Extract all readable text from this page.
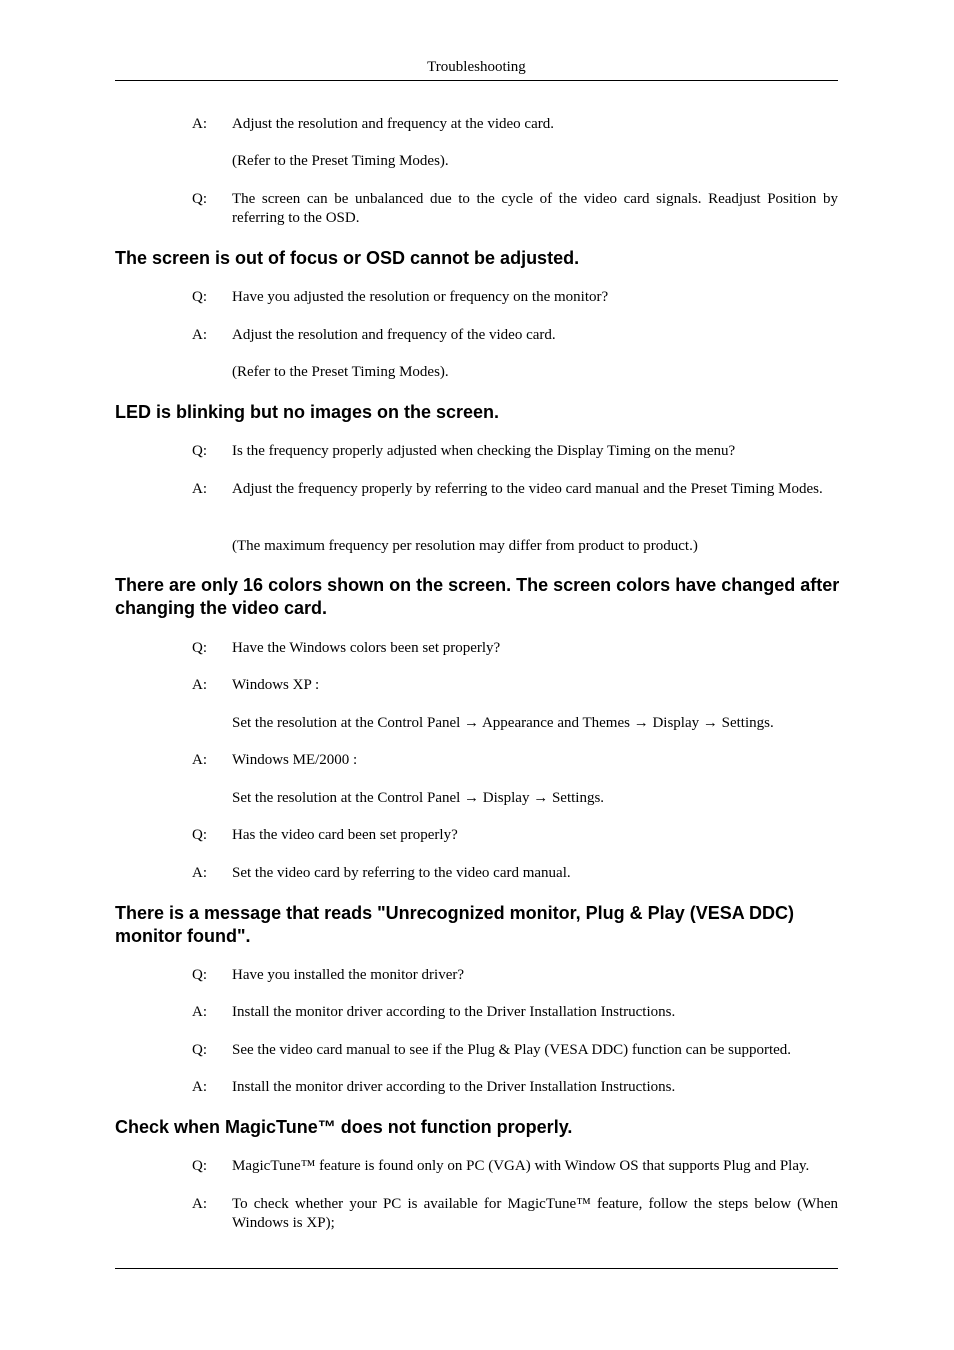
Troubleshooting
A: Adjust the resolution and frequency at the video card.
(Refer to the Preset Timing Modes).
Q: The screen can be unbalanced due to the cycle of the video card signals. Readjust Position by referring to the OSD.
The screen is out of focus or OSD cannot be adjusted.
Q: Have you adjusted the resolution or frequency on the monitor?
A: Adjust the resolution and frequency of the video card.
(Refer to the Preset Timing Modes).
LED is blinking but no images on the screen.
Q: Is the frequency properly adjusted when checking the Display Timing on the menu?
A: Adjust the frequency properly by referring to the video card manual and the Preset Timing Modes.
(The maximum frequency per resolution may differ from product to product.)
There are only 16 colors shown on the screen. The screen colors have changed after changing the video card.
Q: Have the Windows colors been set properly?
A: Windows XP :
Set the resolution at the Control Panel → Appearance and Themes → Display → Settings.
A: Windows ME/2000 :
Set the resolution at the Control Panel → Display → Settings.
Q: Has the video card been set properly?
A: Set the video card by referring to the video card manual.
There is a message that reads "Unrecognized monitor, Plug & Play (VESA DDC) monitor found".
Q: Have you installed the monitor driver?
A: Install the monitor driver according to the Driver Installation Instructions.
Q: See the video card manual to see if the Plug & Play (VESA DDC) function can be supported.
A: Install the monitor driver according to the Driver Installation Instructions.
Check when MagicTune™ does not function properly.
Q: MagicTune™ feature is found only on PC (VGA) with Window OS that supports Plug and Play.
A: To check whether your PC is available for MagicTune™ feature, follow the steps below (When Windows is XP);
